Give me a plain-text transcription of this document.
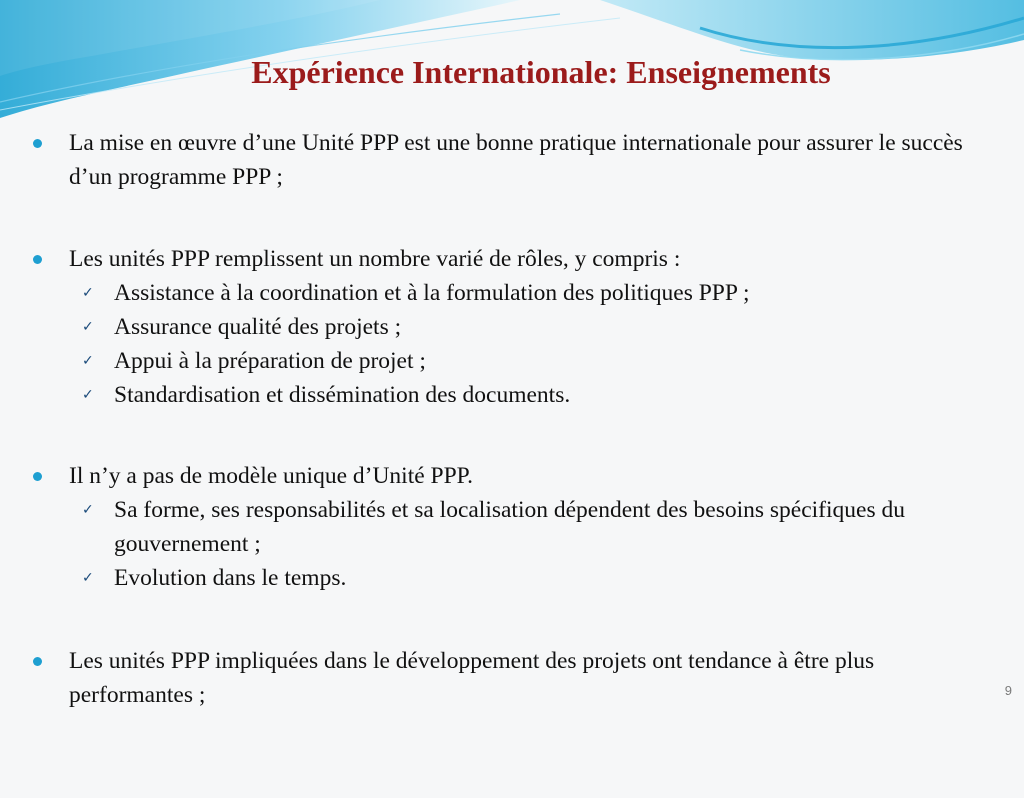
Expérience Internationale: Enseignements
La mise en œuvre d’une Unité PPP est une bonne pratique internationale pour assurer le succès d’un programme PPP ;
Les unités PPP remplissent un nombre varié de rôles, y compris :
✓ Assistance à la coordination et à la formulation des politiques PPP ;
✓ Assurance qualité des projets ;
✓ Appui à la préparation de projet ;
✓ Standardisation et dissémination des documents.
Il n’y a pas de modèle unique d’Unité PPP.
✓ Sa forme, ses responsabilités et sa localisation dépendent des besoins spécifiques du gouvernement ;
✓ Evolution dans le temps.
Les unités PPP impliquées dans le développement des projets ont tendance à être plus performantes ;	9
